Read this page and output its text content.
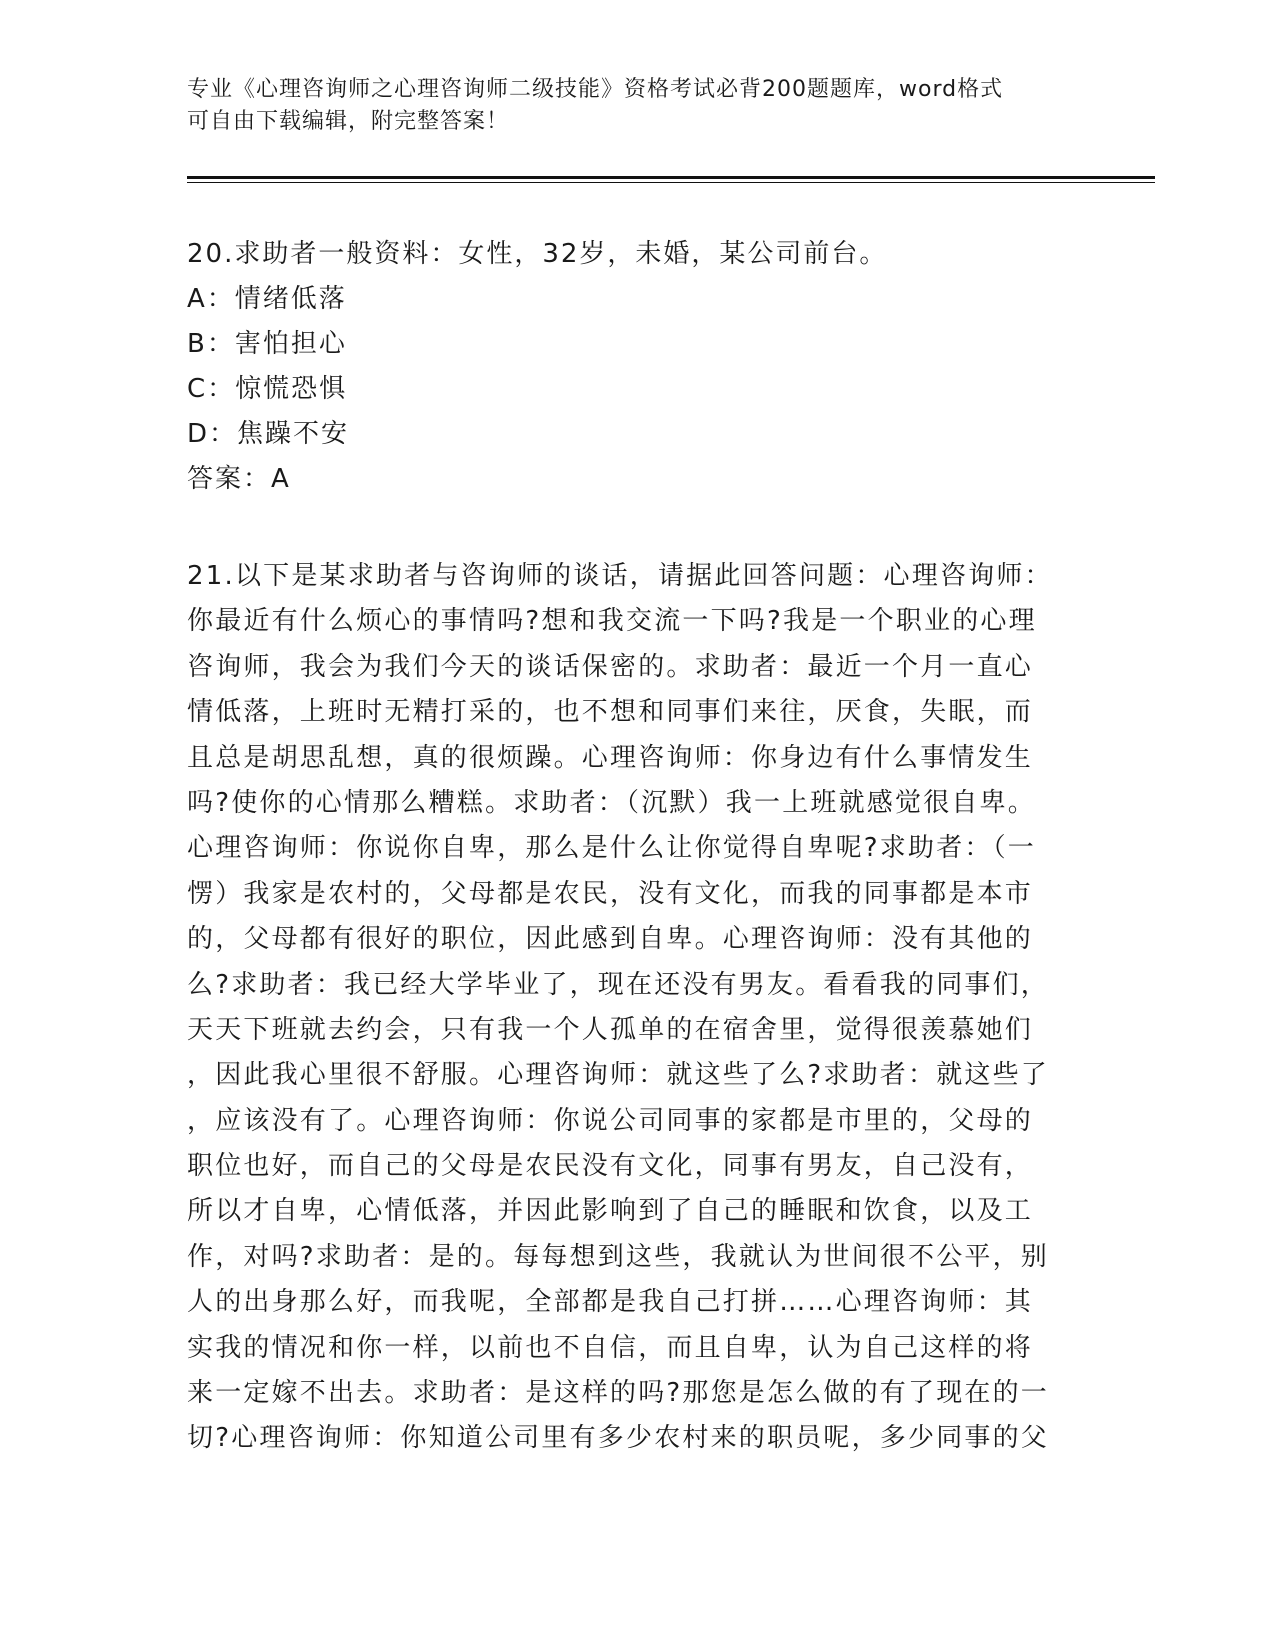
专业《心理咨询师之心理咨询师二级技能》资格考试必背200题题库，word格式
可自由下载编辑，附完整答案！
20.求助者一般资料：女性，32岁，未婚，某公司前台。
A：情绪低落
B：害怕担心
C：惊慌恐惧
D：焦躁不安
答案：A
21.以下是某求助者与咨询师的谈话，请据此回答问题：心理咨询师：
你最近有什么烦心的事情吗?想和我交流一下吗?我是一个职业的心理
咨询师，我会为我们今天的谈话保密的。求助者：最近一个月一直心
情低落，上班时无精打采的，也不想和同事们来往，厌食，失眠，而
且总是胡思乱想，真的很烦躁。心理咨询师：你身边有什么事情发生
吗?使你的心情那么糟糕。求助者：（沉默）我一上班就感觉很自卑。
心理咨询师：你说你自卑，那么是什么让你觉得自卑呢?求助者：（一
愣）我家是农村的，父母都是农民，没有文化，而我的同事都是本市
的，父母都有很好的职位，因此感到自卑。心理咨询师：没有其他的
么?求助者：我已经大学毕业了，现在还没有男友。看看我的同事们，
天天下班就去约会，只有我一个人孤单的在宿舍里，觉得很羡慕她们
，因此我心里很不舒服。心理咨询师：就这些了么?求助者：就这些了
，应该没有了。心理咨询师：你说公司同事的家都是市里的，父母的
职位也好，而自己的父母是农民没有文化，同事有男友，自己没有，
所以才自卑，心情低落，并因此影响到了自己的睡眠和饮食，以及工
作，对吗?求助者：是的。每每想到这些，我就认为世间很不公平，别
人的出身那么好，而我呢，全部都是我自己打拼……心理咨询师：其
实我的情况和你一样，以前也不自信，而且自卑，认为自己这样的将
来一定嫁不出去。求助者：是这样的吗?那您是怎么做的有了现在的一
切?心理咨询师：你知道公司里有多少农村来的职员呢，多少同事的父
